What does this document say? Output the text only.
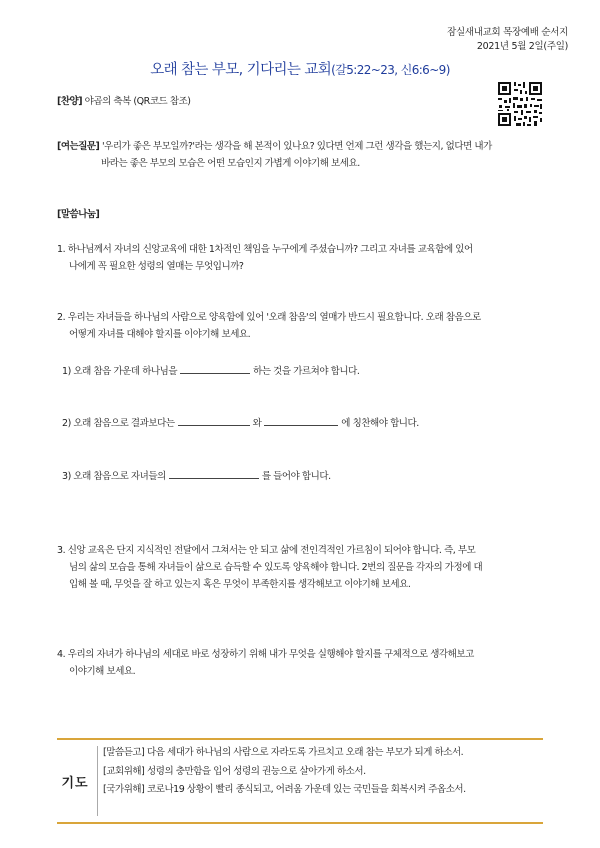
잠실새내교회 목장예배 순서지
2021년 5월 2일(주일)
오래 참는 부모, 기다리는 교회(갈5:22~23, 신6:6~9)
[찬양] 야곱의 축복 (QR코드 참조)
[여는질문] '우리가 좋은 부모일까?'라는 생각을 해 본적이 있나요? 있다면 언제 그런 생각을 했는지, 없다면 내가
바라는 좋은 부모의 모습은 어떤 모습인지 가볍게 이야기해 보세요.
[말씀나눔]
1. 하나님께서 자녀의 신앙교육에 대한 1차적인 책임을 누구에게 주셨습니까? 그리고 자녀를 교육함에 있어
나에게 꼭 필요한 성령의 열매는 무엇입니까?
2. 우리는 자녀들을 하나님의 사람으로 양육함에 있어 '오래 참음'의 열매가 반드시 필요합니다. 오래 참음으로
어떻게 자녀를 대해야 할지를 이야기해 보세요.
1) 오래 참음 가운데 하나님을	하는 것을 가르쳐야 합니다.
2) 오래 참음으로 결과보다는	와	에 칭찬해야 합니다.
3) 오래 참음으로 자녀들의	를 들어야 합니다.
3. 신앙 교육은 단지 지식적인 전달에서 그쳐서는 안 되고 삶에 전인격적인 가르침이 되어야 합니다. 즉, 부모
님의 삶의 모습을 통해 자녀들이 삶으로 습득할 수 있도록 양육해야 합니다. 2번의 질문을 각자의 가정에 대
입해 볼 때, 무엇을 잘 하고 있는지 혹은 무엇이 부족한지를 생각해보고 이야기해 보세요.
4. 우리의 자녀가 하나님의 세대로 바로 성장하기 위해 내가 무엇을 실행해야 할지를 구체적으로 생각해보고
이야기해 보세요.
기도
[말씀듣고] 다음 세대가 하나님의 사람으로 자라도록 가르치고 오래 참는 부모가 되게 하소서.
[교회위해] 성령의 충만함을 입어 성령의 권능으로 살아가게 하소서.
[국가위해] 코로나19 상황이 빨리 종식되고, 어려움 가운데 있는 국민들을 회복시켜 주옵소서.
